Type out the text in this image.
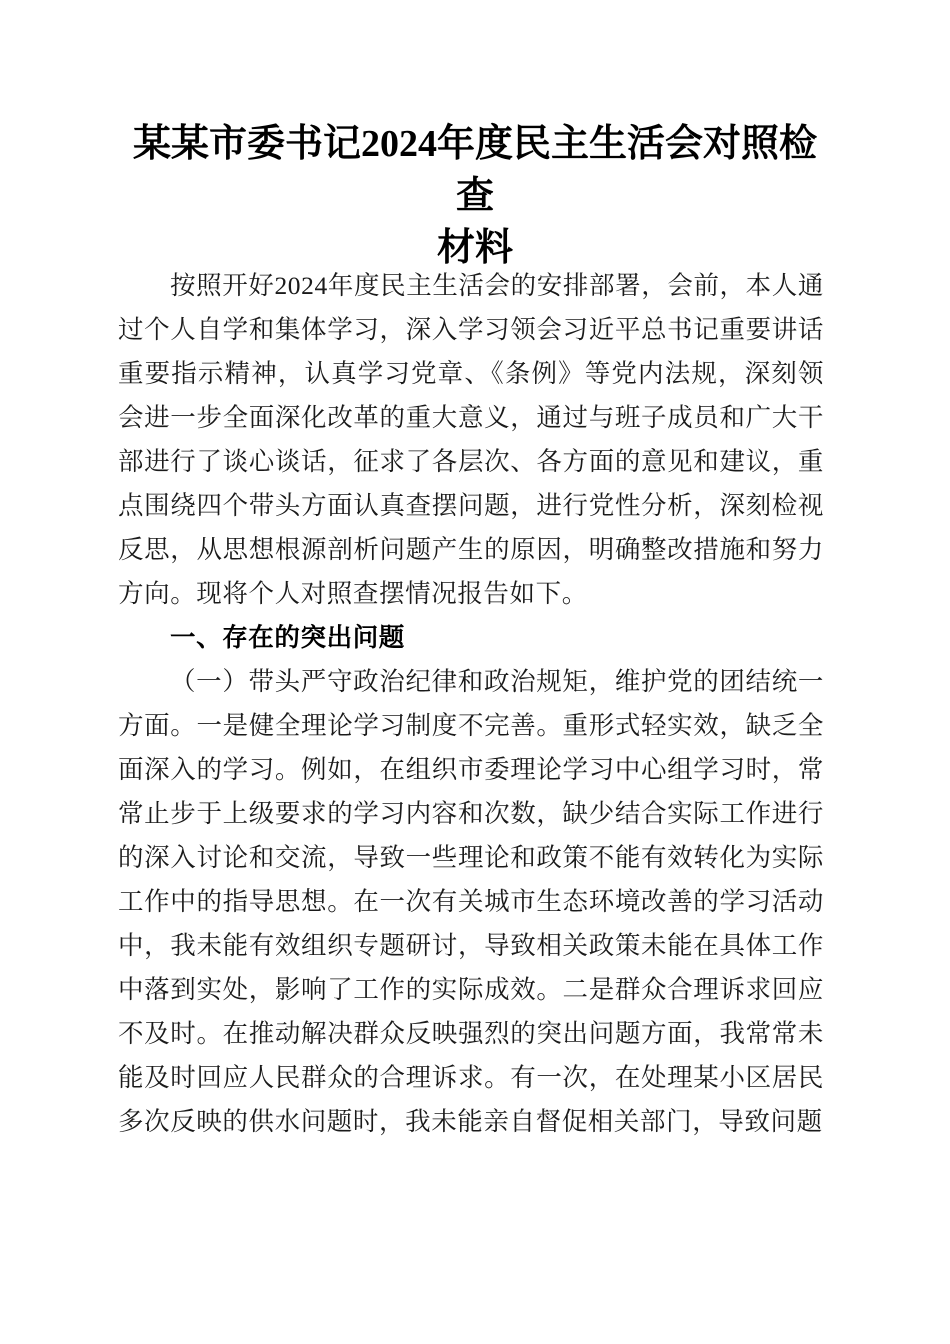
某某市委书记2024年度民主生活会对照检查
材料

按照开好2024年度民主生活会的安排部署，会前，本人通过个人自学和集体学习，深入学习领会习近平总书记重要讲话重要指示精神，认真学习党章、《条例》等党内法规，深刻领会进一步全面深化改革的重大意义，通过与班子成员和广大干部进行了谈心谈话，征求了各层次、各方面的意见和建议，重点围绕四个带头方面认真查摆问题，进行党性分析，深刻检视反思，从思想根源剖析问题产生的原因，明确整改措施和努力方向。现将个人对照查摆情况报告如下。

一、存在的突出问题

（一）带头严守政治纪律和政治规矩，维护党的团结统一方面。一是健全理论学习制度不完善。重形式轻实效，缺乏全面深入的学习。例如，在组织市委理论学习中心组学习时，常常止步于上级要求的学习内容和次数，缺少结合实际工作进行的深入讨论和交流，导致一些理论和政策不能有效转化为实际工作中的指导思想。在一次有关城市生态环境改善的学习活动中，我未能有效组织专题研讨，导致相关政策未能在具体工作中落到实处，影响了工作的实际成效。二是群众合理诉求回应不及时。在推动解决群众反映强烈的突出问题方面，我常常未能及时回应人民群众的合理诉求。有一次，在处理某小区居民多次反映的供水问题时，我未能亲自督促相关部门，导致问题
